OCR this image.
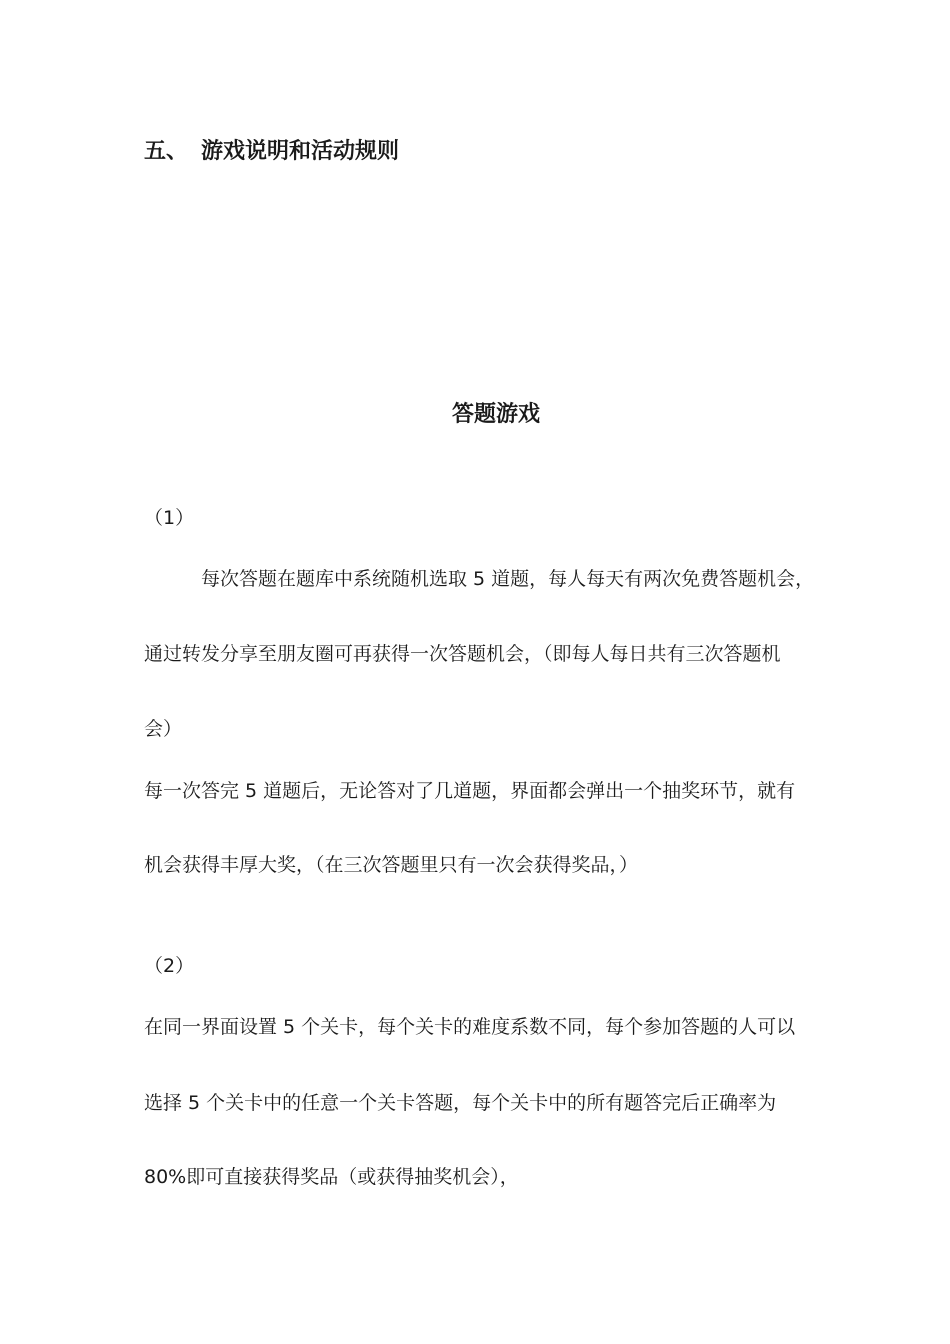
五、 游戏说明和活动规则
答题游戏
（1）
每次答题在题库中系统随机选取 5 道题，每人每天有两次免费答题机会，
通过转发分享至朋友圈可再获得一次答题机会，（即每人每日共有三次答题机
会）
每一次答完 5 道题后，无论答对了几道题，界面都会弹出一个抽奖环节，就有
机会获得丰厚大奖，（在三次答题里只有一次会获得奖品，）
（2）
在同一界面设置 5 个关卡，每个关卡的难度系数不同，每个参加答题的人可以
选择 5 个关卡中的任意一个关卡答题，每个关卡中的所有题答完后正确率为
80%即可直接获得奖品（或获得抽奖机会），
